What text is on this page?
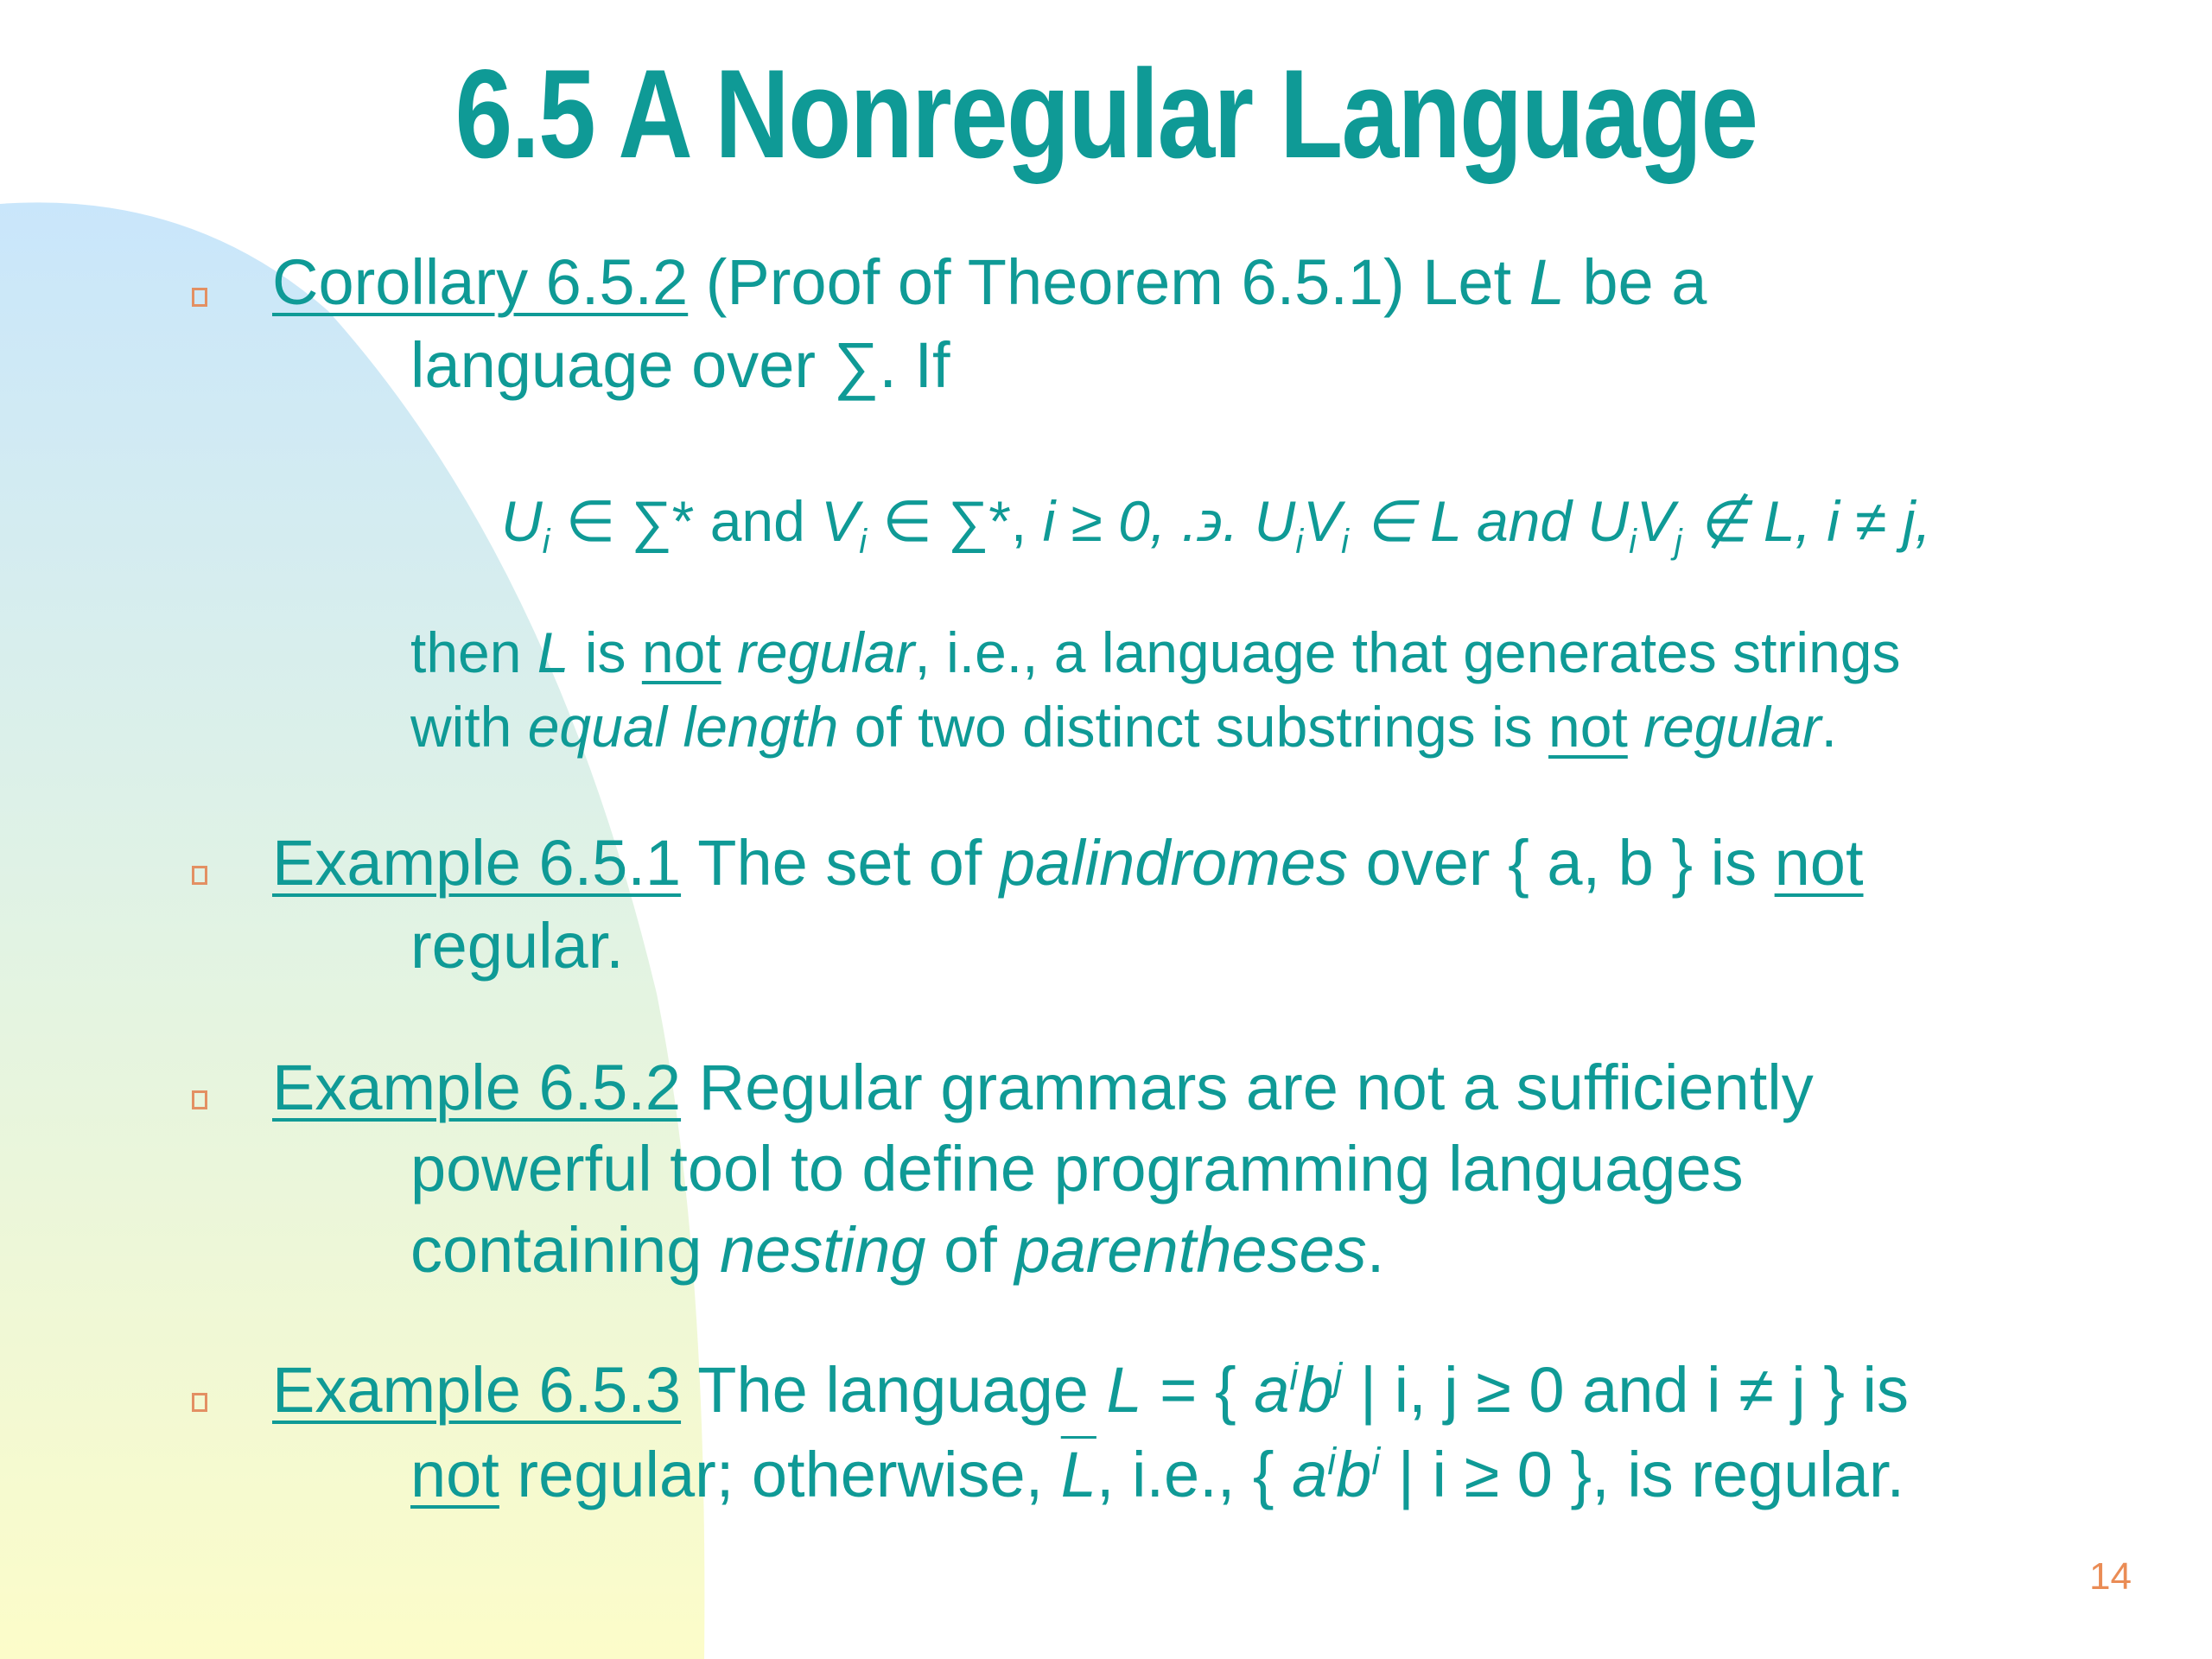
6.5 A Nonregular Language
Corollary 6.5.2 (Proof of Theorem 6.5.1) Let L be a
language over ∑. If
$U_i$ ∈ ∑* and $V_i$ ∈ ∑*, i ≥ 0, .϶. $U_iV_i$ ∈ L and $U_iV_j$ ∉ L, i ≠ j,
then L is not regular, i.e., a language that generates strings
with equal length of two distinct substrings is not regular.
Example 6.5.1 The set of palindromes over { a, b } is not
regular.
Example 6.5.2 Regular grammars are not a sufficiently
powerful tool to define programming languages
containing nesting of parentheses.
Example 6.5.3 The language L = { $a^ib^j$ | i, j ≥ 0 and i ≠ j } is
not regular; otherwise, $\overline{L}$, i.e., { $a^ib^i$ | i ≥ 0 }, is regular.
14
